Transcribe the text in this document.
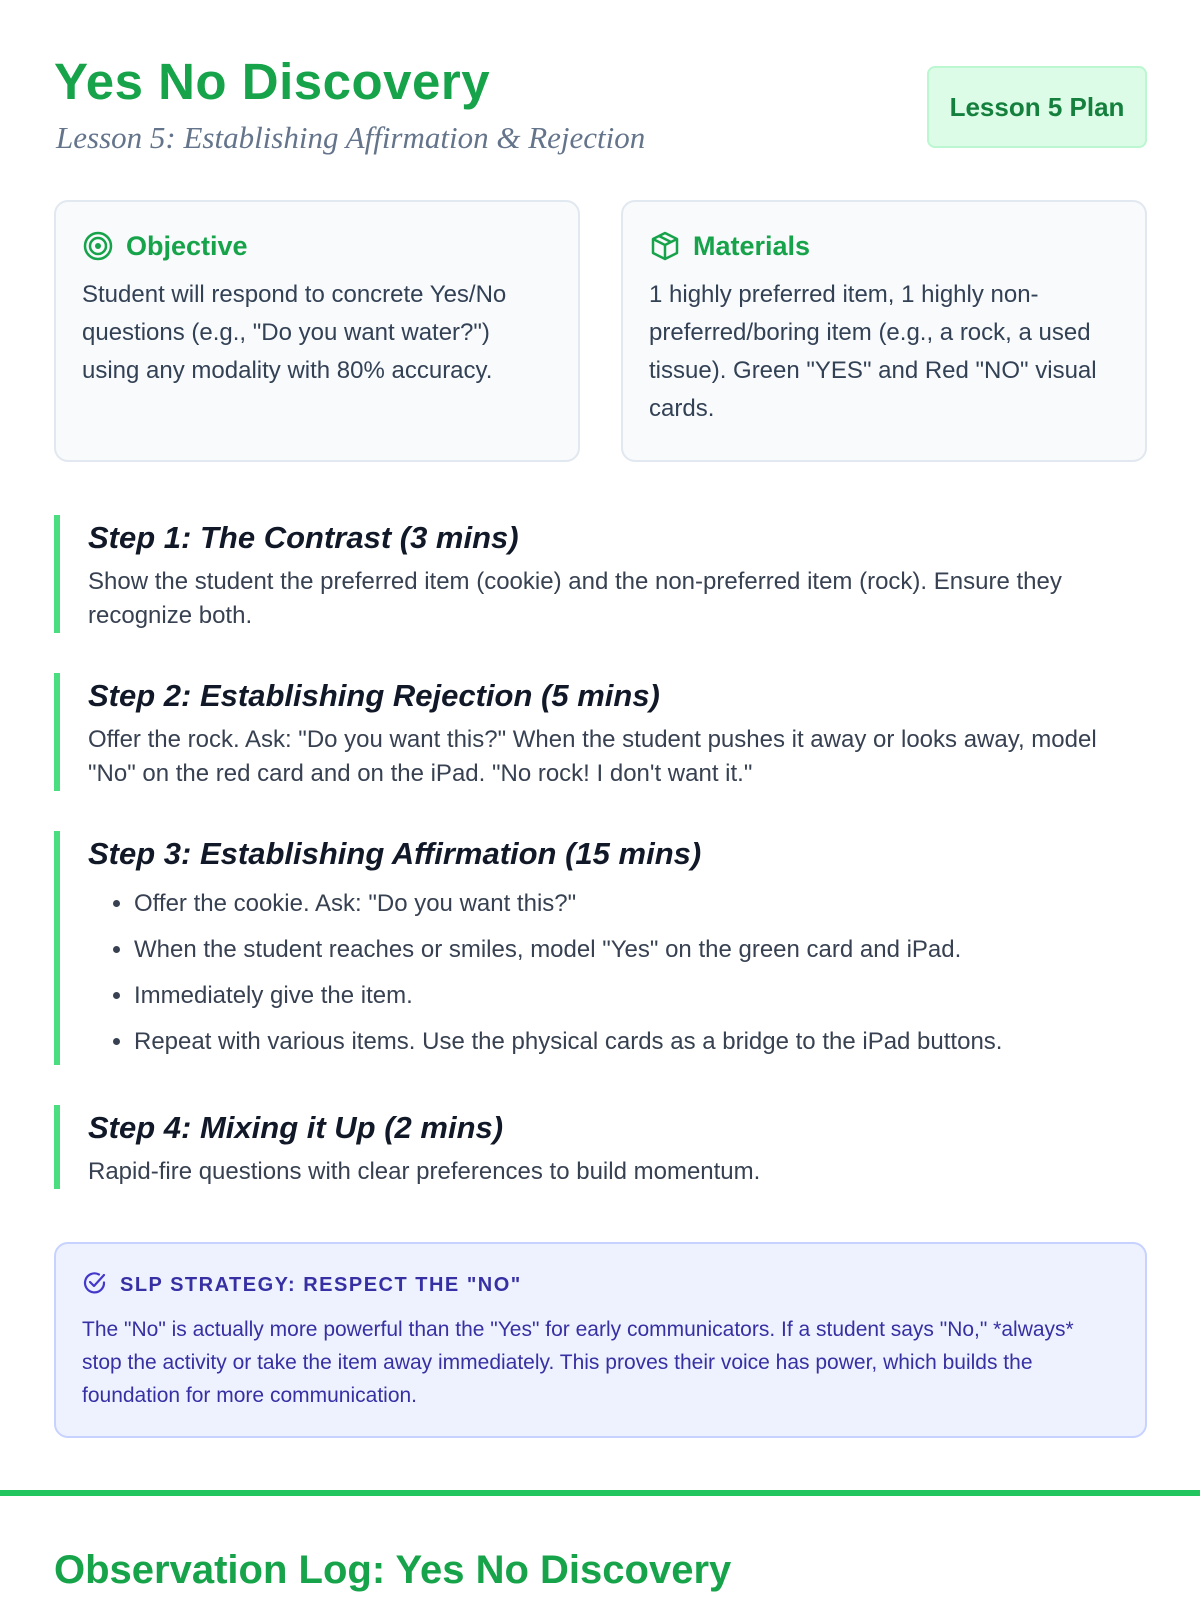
Yes No Discovery
Lesson 5: Establishing Affirmation & Rejection
Lesson 5 Plan
Objective
Student will respond to concrete Yes/No questions (e.g., "Do you want water?") using any modality with 80% accuracy.
Materials
1 highly preferred item, 1 highly non-preferred/boring item (e.g., a rock, a used tissue). Green "YES" and Red "NO" visual cards.
Step 1: The Contrast (3 mins)
Show the student the preferred item (cookie) and the non-preferred item (rock). Ensure they recognize both.
Step 2: Establishing Rejection (5 mins)
Offer the rock. Ask: "Do you want this?" When the student pushes it away or looks away, model "No" on the red card and on the iPad. "No rock! I don't want it."
Step 3: Establishing Affirmation (15 mins)
• Offer the cookie. Ask: "Do you want this?"
• When the student reaches or smiles, model "Yes" on the green card and iPad.
• Immediately give the item.
• Repeat with various items. Use the physical cards as a bridge to the iPad buttons.
Step 4: Mixing it Up (2 mins)
Rapid-fire questions with clear preferences to build momentum.
SLP STRATEGY: RESPECT THE "NO"
The "No" is actually more powerful than the "Yes" for early communicators. If a student says "No," *always* stop the activity or take the item away immediately. This proves their voice has power, which builds the foundation for more communication.
Observation Log: Yes No Discovery
